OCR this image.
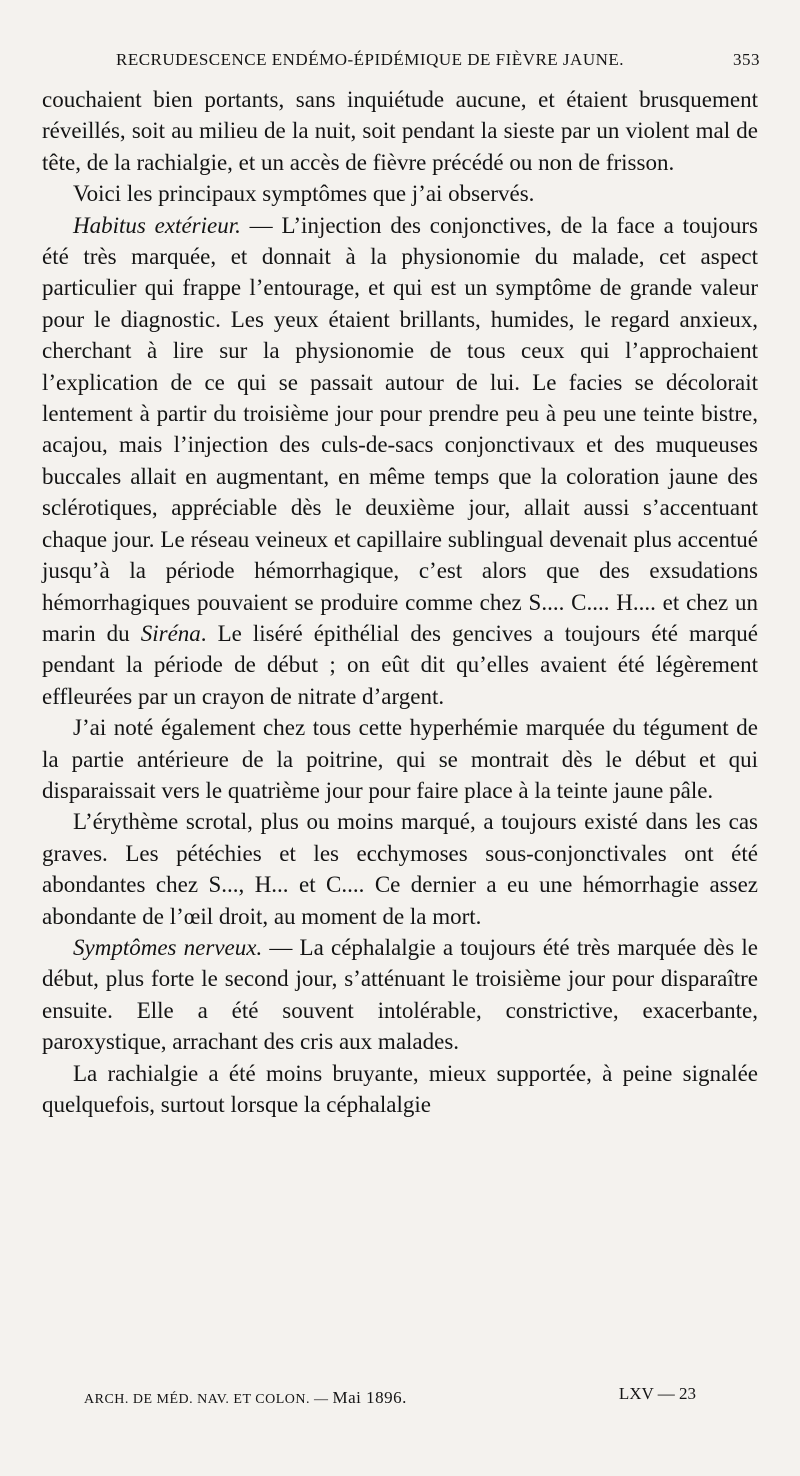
RECRUDESCENCE ENDÉMO-ÉPIDÉMIQUE DE FIÈVRE JAUNE.	353

couchaient bien portants, sans inquiétude aucune, et étaient brusquement réveillés, soit au milieu de la nuit, soit pendant la sieste par un violent mal de tête, de la rachialgie, et un accès de fièvre précédé ou non de frisson.

Voici les principaux symptômes que j’ai observés.

Habitus extérieur. — L’injection des conjonctives, de la face a toujours été très marquée, et donnait à la physionomie du malade, cet aspect particulier qui frappe l’entourage, et qui est un symptôme de grande valeur pour le diagnostic. Les yeux étaient brillants, humides, le regard anxieux, cherchant à lire sur la physionomie de tous ceux qui l’approchaient l’explication de ce qui se passait autour de lui. Le facies se décolorait lentement à partir du troisième jour pour prendre peu à peu une teinte bistre, acajou, mais l’injection des culs-de-sacs conjonctivaux et des muqueuses buccales allait en augmentant, en même temps que la coloration jaune des sclérotiques, appréciable dès le deuxième jour, allait aussi s’accentuant chaque jour. Le réseau veineux et capillaire sublingual devenait plus accentué jusqu’à la période hémorrhagique, c’est alors que des exsudations hémorrhagiques pouvaient se produire comme chez S.... C.... H.... et chez un marin du Siréna. Le liséré épithélial des gencives a toujours été marqué pendant la période de début ; on eût dit qu’elles avaient été légèrement effleurées par un crayon de nitrate d’argent.

J’ai noté également chez tous cette hyperhémie marquée du tégument de la partie antérieure de la poitrine, qui se montrait dès le début et qui disparaissait vers le quatrième jour pour faire place à la teinte jaune pâle.

L’érythème scrotal, plus ou moins marqué, a toujours existé dans les cas graves. Les pétéchies et les ecchymoses sous-conjonctivales ont été abondantes chez S..., H... et C.... Ce dernier a eu une hémorrhagie assez abondante de l’œil droit, au moment de la mort.

Symptômes nerveux. — La céphalalgie a toujours été très marquée dès le début, plus forte le second jour, s’atténuant le troisième jour pour disparaître ensuite. Elle a été souvent intolérable, constrictive, exacerbante, paroxystique, arrachant des cris aux malades.

La rachialgie a été moins bruyante, mieux supportée, à peine signalée quelquefois, surtout lorsque la céphalalgie

ARCH. DE MÉD. NAV. ET COLON. — Mai 1896.	LXV — 23
